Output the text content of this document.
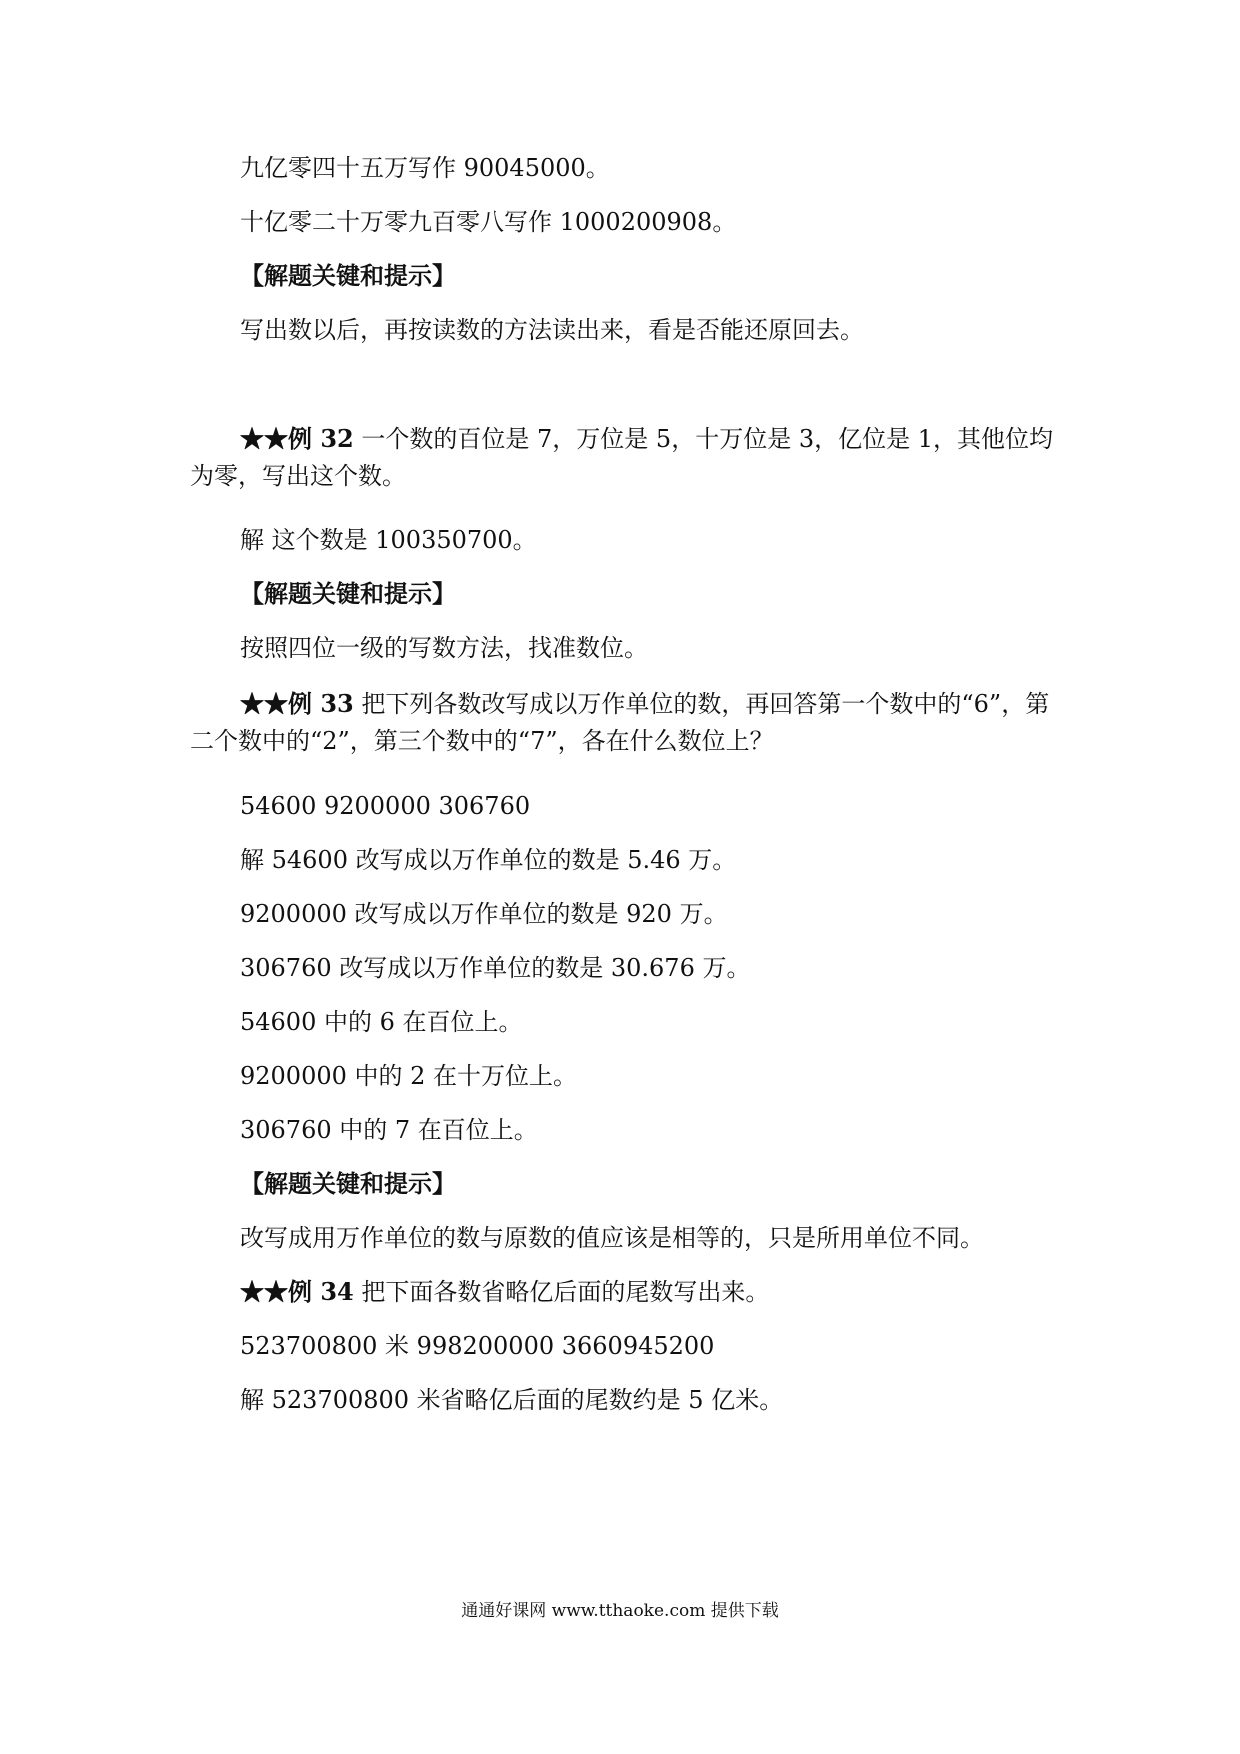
九亿零四十五万写作 90045000。
十亿零二十万零九百零八写作 1000200908。
【解题关键和提示】
写出数以后，再按读数的方法读出来，看是否能还原回去。
★★例 32 一个数的百位是 7，万位是 5，十万位是 3，亿位是 1，其他位均为零，写出这个数。
解 这个数是 100350700。
【解题关键和提示】
按照四位一级的写数方法，找准数位。
★★例 33 把下列各数改写成以万作单位的数，再回答第一个数中的“6”，第二个数中的“2”，第三个数中的“7”，各在什么数位上？
54600 9200000 306760
解 54600 改写成以万作单位的数是 5.46 万。
9200000 改写成以万作单位的数是 920 万。
306760 改写成以万作单位的数是 30.676 万。
54600 中的 6 在百位上。
9200000 中的 2 在十万位上。
306760 中的 7 在百位上。
【解题关键和提示】
改写成用万作单位的数与原数的值应该是相等的，只是所用单位不同。
★★例 34 把下面各数省略亿后面的尾数写出来。
523700800 米 998200000 3660945200
解 523700800 米省略亿后面的尾数约是 5 亿米。
通通好课网 www.tthaoke.com 提供下载
